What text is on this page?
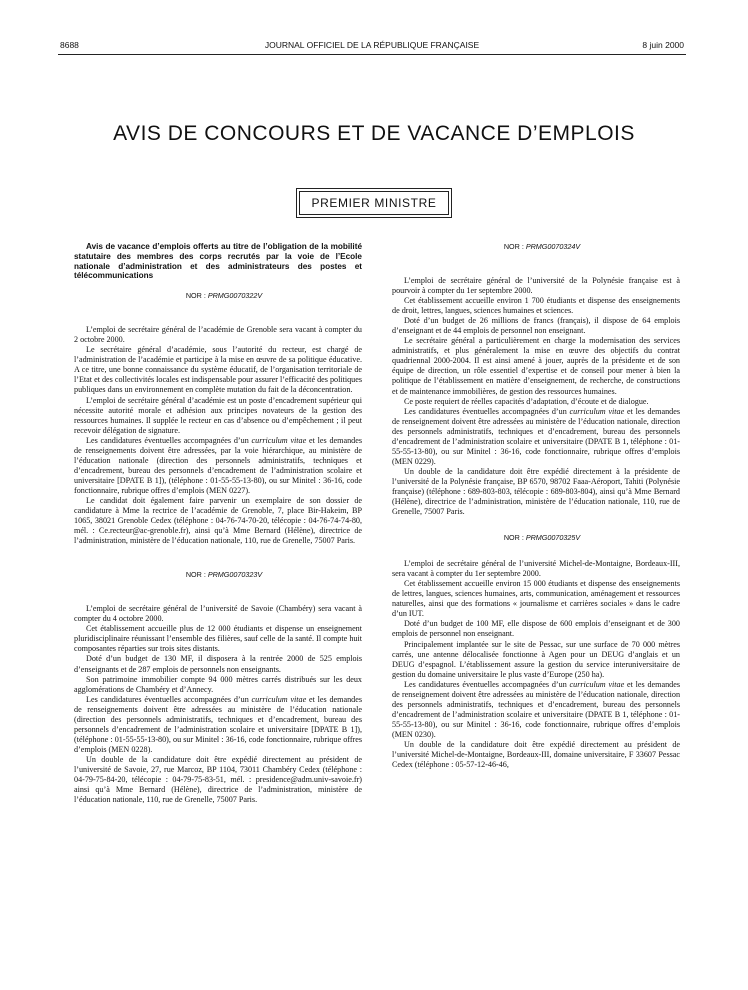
8688	JOURNAL OFFICIEL DE LA RÉPUBLIQUE FRANÇAISE	8 juin 2000
AVIS DE CONCOURS ET DE VACANCE D’EMPLOIS
PREMIER MINISTRE

Avis de vacance d’emplois offerts au titre de l’obligation de la mobilité statutaire des membres des corps recrutés par la voie de l’Ecole nationale d’administration et des administrateurs des postes et télécommunications

NOR : PRMG0070322V

L’emploi de secrétaire général de l’académie de Grenoble sera vacant à compter du 2 octobre 2000.

Le secrétaire général d’académie, sous l’autorité du recteur, est chargé de l’administration de l’académie et participe à la mise en œuvre de sa politique éducative. A ce titre, une bonne connaissance du système éducatif, de l’organisation territoriale de l’Etat et des collectivités locales est indispensable pour assurer l’efficacité des politiques publiques dans un environnement en complète mutation du fait de la déconcentration.

L’emploi de secrétaire général d’académie est un poste d’encadrement supérieur qui nécessite autorité morale et adhésion aux principes novateurs de la gestion des ressources humaines. Il supplée le recteur en cas d’absence ou d’empêchement ; il peut recevoir délégation de signature.

Les candidatures éventuelles accompagnées d’un curriculum vitae et les demandes de renseignements doivent être adressées, par la voie hiérarchique, au ministère de l’éducation nationale (direction des personnels administratifs, techniques et d’encadrement, bureau des personnels d’encadrement de l’administration scolaire et universitaire [DPATE B 1]), (téléphone : 01-55-55-13-80), ou sur Minitel : 36-16, code fonctionnaire, rubrique offres d’emplois (MEN 0227).

Le candidat doit également faire parvenir un exemplaire de son dossier de candidature à Mme la rectrice de l’académie de Grenoble, 7, place Bir-Hakeim, BP 1065, 38021 Grenoble Cedex (téléphone : 04-76-74-70-20, télécopie : 04-76-74-74-80, mél. : Ce.recteur@ac-grenoble.fr), ainsi qu’à Mme Bernard (Hélène), directrice de l’administration, ministère de l’éducation nationale, 110, rue de Grenelle, 75007 Paris.

NOR : PRMG0070323V

L’emploi de secrétaire général de l’université de Savoie (Chambéry) sera vacant à compter du 4 octobre 2000.

Cet établissement accueille plus de 12 000 étudiants et dispense un enseignement pluridisciplinaire réunissant l’ensemble des filières, sauf celle de la santé. Il compte huit composantes réparties sur trois sites distants.

Doté d’un budget de 130 MF, il disposera à la rentrée 2000 de 525 emplois d’enseignants et de 287 emplois de personnels non enseignants.

Son patrimoine immobilier compte 94 000 mètres carrés distribués sur les deux agglomérations de Chambéry et d’Annecy.

Les candidatures éventuelles accompagnées d’un curriculum vitae et les demandes de renseignements doivent être adressées au ministère de l’éducation nationale (direction des personnels administratifs, techniques et d’encadrement, bureau des personnels d’encadrement de l’administration scolaire et universitaire [DPATE B 1]), (téléphone : 01-55-55-13-80), ou sur Minitel : 36-16, code fonctionnaire, rubrique offres d’emplois (MEN 0228).

Un double de la candidature doit être expédié directement au président de l’université de Savoie, 27, rue Marcoz, BP 1104, 73011 Chambéry Cedex (téléphone : 04-79-75-84-20, télécopie : 04-79-75-83-51, mél. : presidence@adm.univ-savoie.fr) ainsi qu’à Mme Bernard (Hélène), directrice de l’administration, ministère de l’éducation nationale, 110, rue de Grenelle, 75007 Paris.

NOR : PRMG0070324V

L’emploi de secrétaire général de l’université de la Polynésie française est à pourvoir à compter du 1er septembre 2000.

Cet établissement accueille environ 1 700 étudiants et dispense des enseignements de droit, lettres, langues, sciences humaines et sciences.

Doté d’un budget de 26 millions de francs (français), il dispose de 64 emplois d’enseignant et de 44 emplois de personnel non enseignant.

Le secrétaire général a particulièrement en charge la modernisation des services administratifs, et plus généralement la mise en œuvre des objectifs du contrat quadriennal 2000-2004. Il est ainsi amené à jouer, auprès de la présidente et de son équipe de direction, un rôle essentiel d’expertise et de conseil pour mener à bien la politique de l’établissement en matière d’enseignement, de recherche, de constructions et de maintenance immobilières, de gestion des ressources humaines.

Ce poste requiert de réelles capacités d’adaptation, d’écoute et de dialogue.

Les candidatures éventuelles accompagnées d’un curriculum vitae et les demandes de renseignement doivent être adressées au ministère de l’éducation nationale, direction des personnels administratifs, techniques et d’encadrement, bureau des personnels d’encadrement de l’administration scolaire et universitaire (DPATE B 1, téléphone : 01-55-55-13-80), ou sur Minitel : 36-16, code fonctionnaire, rubrique offres d’emplois (MEN 0229).

Un double de la candidature doit être expédié directement à la présidente de l’université de la Polynésie française, BP 6570, 98702 Faaa-Aéroport, Tahiti (Polynésie française) (téléphone : 689-803-803, télécopie : 689-803-804), ainsi qu’à Mme Bernard (Hélène), directrice de l’administration, ministère de l’éducation nationale, 110, rue de Grenelle, 75007 Paris.

NOR : PRMG0070325V

L’emploi de secrétaire général de l’université Michel-de-Montaigne, Bordeaux-III, sera vacant à compter du 1er septembre 2000.

Cet établissement accueille environ 15 000 étudiants et dispense des enseignements de lettres, langues, sciences humaines, arts, communication, aménagement et ressources naturelles, ainsi que des formations « journalisme et carrières sociales » dans le cadre d’un IUT.

Doté d’un budget de 100 MF, elle dispose de 600 emplois d’enseignant et de 300 emplois de personnel non enseignant.

Principalement implantée sur le site de Pessac, sur une surface de 70 000 mètres carrés, une antenne délocalisée fonctionne à Agen pour un DEUG d’anglais et un DEUG d’espagnol. L’établissement assure la gestion du service interuniversitaire de gestion du domaine universitaire le plus vaste d’Europe (250 ha).

Les candidatures éventuelles accompagnées d’un curriculum vitae et les demandes de renseignement doivent être adressées au ministère de l’éducation nationale, direction des personnels administratifs, techniques et d’encadrement, bureau des personnels d’encadrement de l’administration scolaire et universitaire (DPATE B 1, téléphone : 01-55-55-13-80), ou sur Minitel : 36-16, code fonctionnaire, rubrique offres d’emplois (MEN 0230).

Un double de la candidature doit être expédié directement au président de l’université Michel-de-Montaigne, Bordeaux-III, domaine universitaire, F 33607 Pessac Cedex (téléphone : 05-57-12-46-46,
